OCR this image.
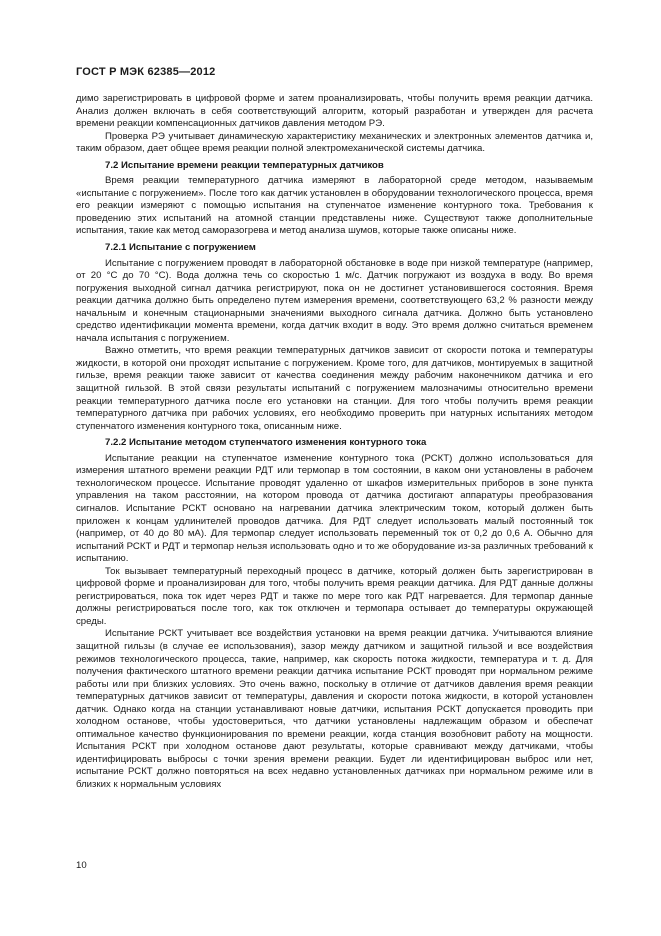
ГОСТ Р МЭК 62385—2012

димо зарегистрировать в цифровой форме и затем проанализировать, чтобы получить время реакции датчика. Анализ должен включать в себя соответствующий алгоритм, который разработан и утвержден для расчета времени реакции компенсационных датчиков давления методом РЭ.

Проверка РЭ учитывает динамическую характеристику механических и электронных элементов датчика и, таким образом, дает общее время реакции полной электромеханической системы датчика.

7.2 Испытание времени реакции температурных датчиков

Время реакции температурного датчика измеряют в лабораторной среде методом, называемым «испытание с погружением». После того как датчик установлен в оборудовании технологического процесса, время его реакции измеряют с помощью испытания на ступенчатое изменение контурного тока. Требования к проведению этих испытаний на атомной станции представлены ниже. Существуют также дополнительные испытания, такие как метод саморазогрева и метод анализа шумов, которые также описаны ниже.

7.2.1 Испытание с погружением

Испытание с погружением проводят в лабораторной обстановке в воде при низкой температуре (например, от 20 °С до 70 °С). Вода должна течь со скоростью 1 м/с. Датчик погружают из воздуха в воду. Во время погружения выходной сигнал датчика регистрируют, пока он не достигнет установившегося состояния. Время реакции датчика должно быть определено путем измерения времени, соответствующего 63,2 % разности между начальным и конечным стационарными значениями выходного сигнала датчика. Должно быть установлено средство идентификации момента времени, когда датчик входит в воду. Это время должно считаться временем начала испытания с погружением.

Важно отметить, что время реакции температурных датчиков зависит от скорости потока и температуры жидкости, в которой они проходят испытание с погружением. Кроме того, для датчиков, монтируемых в защитной гильзе, время реакции также зависит от качества соединения между рабочим наконечником датчика и его защитной гильзой. В этой связи результаты испытаний с погружением малозначимы относительно времени реакции температурного датчика после его установки на станции. Для того чтобы получить время реакции температурного датчика при рабочих условиях, его необходимо проверить при натурных испытаниях методом ступенчатого изменения контурного тока, описанным ниже.

7.2.2 Испытание методом ступенчатого изменения контурного тока

Испытание реакции на ступенчатое изменение контурного тока (РСКТ) должно использоваться для измерения штатного времени реакции РДТ или термопар в том состоянии, в каком они установлены в рабочем технологическом процессе. Испытание проводят удаленно от шкафов измерительных приборов в зоне пункта управления на таком расстоянии, на котором провода от датчика достигают аппаратуры преобразования сигналов. Испытание РСКТ основано на нагревании датчика электрическим током, который должен быть приложен к концам удлинителей проводов датчика. Для РДТ следует использовать малый постоянный ток (например, от 40 до 80 мА). Для термопар следует использовать переменный ток от 0,2 до 0,6 А. Обычно для испытаний РСКТ и РДТ и термопар нельзя использовать одно и то же оборудование из-за различных требований к испытанию.

Ток вызывает температурный переходный процесс в датчике, который должен быть зарегистрирован в цифровой форме и проанализирован для того, чтобы получить время реакции датчика. Для РДТ данные должны регистрироваться, пока ток идет через РДТ и также по мере того как РДТ нагревается. Для термопар данные должны регистрироваться после того, как ток отключен и термопара остывает до температуры окружающей среды.

Испытание РСКТ учитывает все воздействия установки на время реакции датчика. Учитываются влияние защитной гильзы (в случае ее использования), зазор между датчиком и защитной гильзой и все воздействия режимов технологического процесса, такие, например, как скорость потока жидкости, температура и т. д. Для получения фактического штатного времени реакции датчика испытание РСКТ проводят при нормальном режиме работы или при близких условиях. Это очень важно, поскольку в отличие от датчиков давления время реакции температурных датчиков зависит от температуры, давления и скорости потока жидкости, в которой установлен датчик. Однако когда на станции устанавливают новые датчики, испытания РСКТ допускается проводить при холодном останове, чтобы удостовериться, что датчики установлены надлежащим образом и обеспечат оптимальное качество функционирования по времени реакции, когда станция возобновит работу на мощности. Испытания РСКТ при холодном останове дают результаты, которые сравнивают между датчиками, чтобы идентифицировать выбросы с точки зрения времени реакции. Будет ли идентифицирован выброс или нет, испытание РСКТ должно повторяться на всех недавно установленных датчиках при нормальном режиме или в близких к нормальным условиях

10
